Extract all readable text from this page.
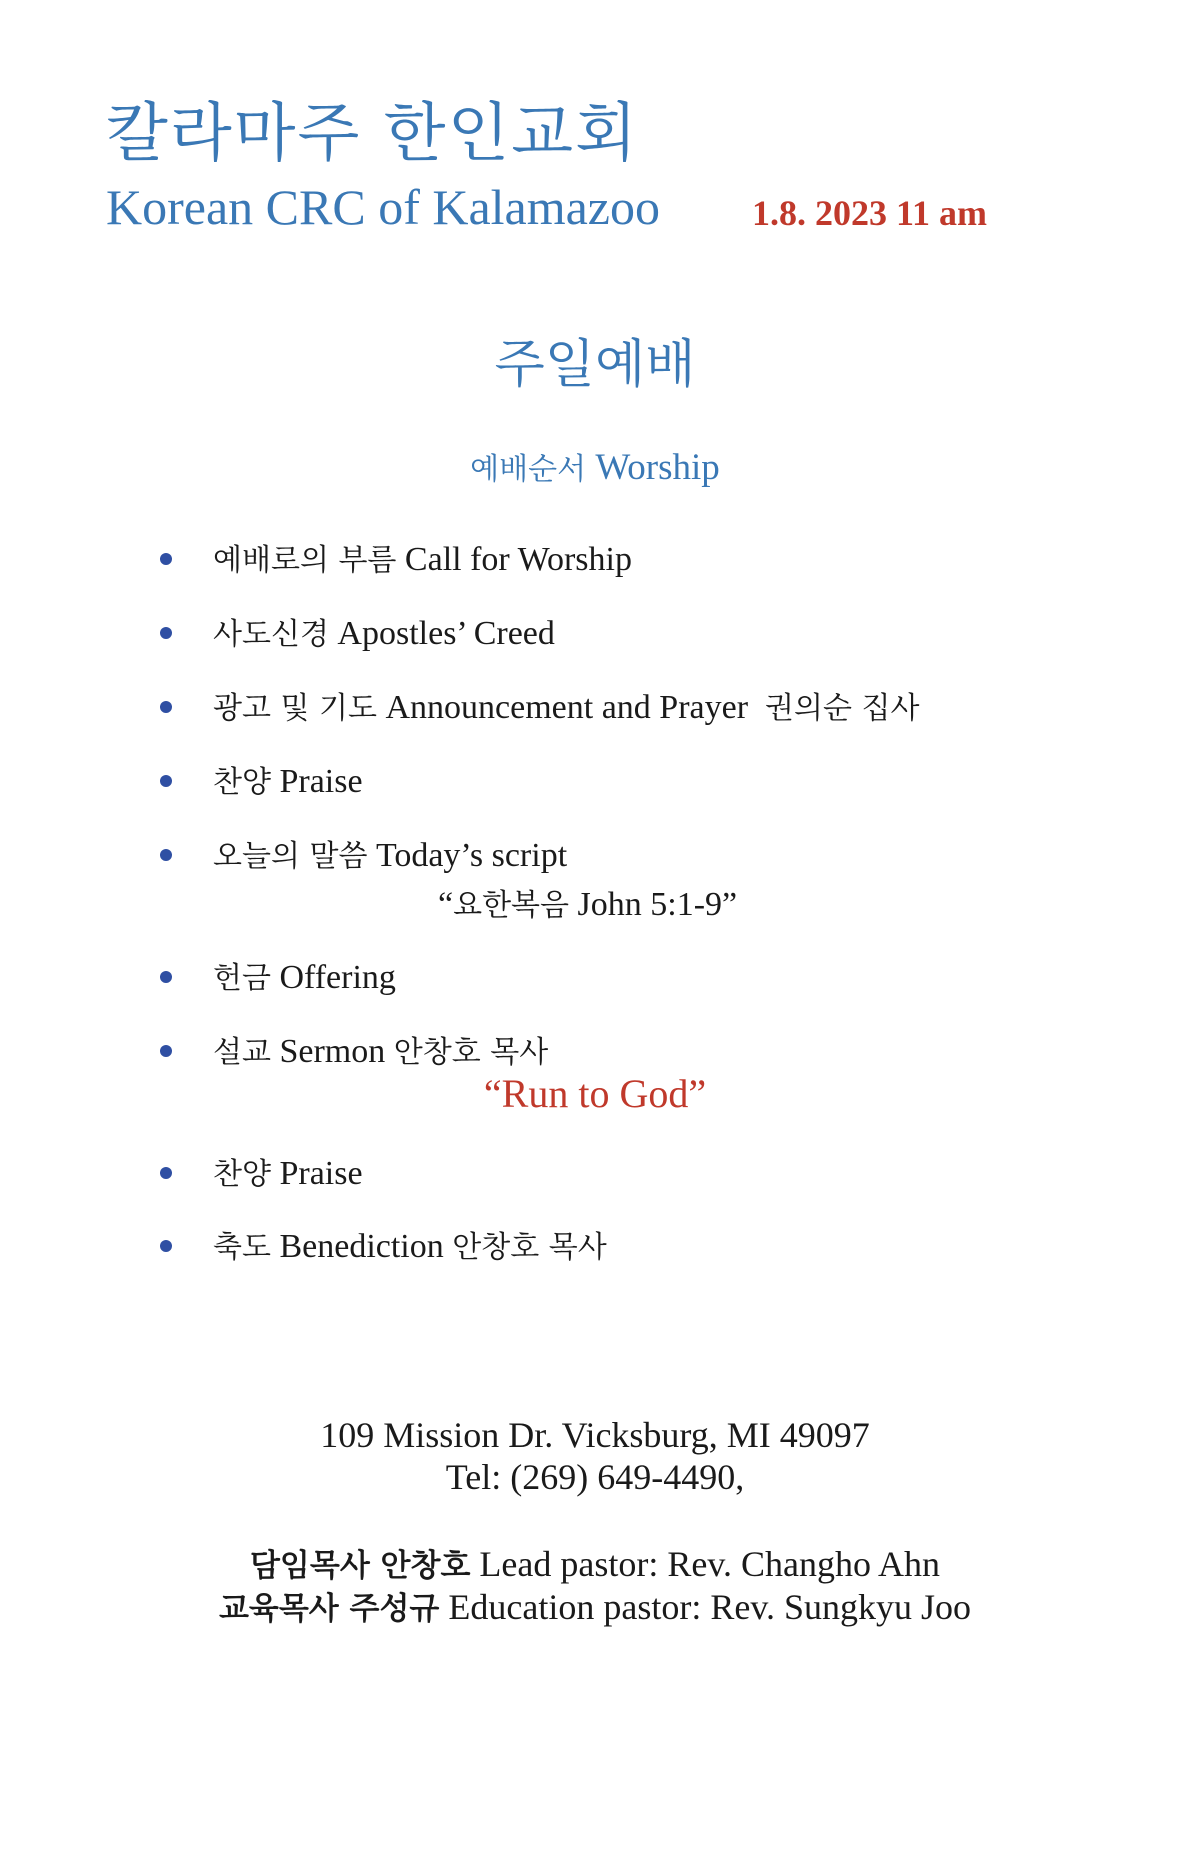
칼라마주 한인교회
Korean CRC of Kalamazoo	1.8. 2023 11 am
주일예배
예배순서 Worship
예배로의 부름 Call for Worship
사도신경 Apostles’ Creed
광고 및 기도 Announcement and Prayer 권의순 집사
찬양 Praise
오늘의 말씀 Today’s script
“요한복음 John 5:1-9”
헌금 Offering
설교 Sermon 안창호 목사
“Run to God”
찬양 Praise
축도 Benediction 안창호 목사
109 Mission Dr. Vicksburg, MI 49097
Tel: (269) 649-4490,
담임목사 안창호 Lead pastor: Rev. Changho Ahn
교육목사 주성규 Education pastor: Rev. Sungkyu Joo
